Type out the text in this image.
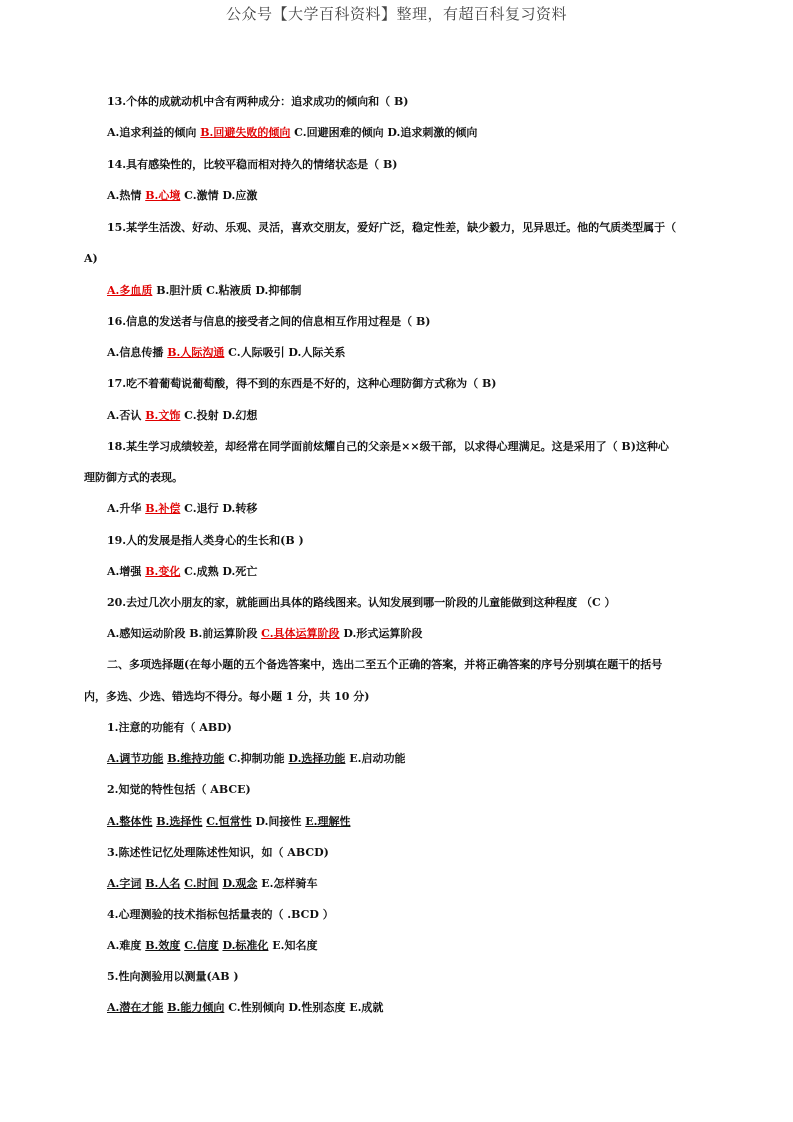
公众号【大学百科资料】整理，有超百科复习资料
13.个体的成就动机中含有两种成分：追求成功的倾向和（ B)
A.追求利益的倾向 B.回避失败的倾向 C.回避困难的倾向 D.追求刺激的倾向
14.具有感染性的，比较平稳而相对持久的情绪状态是（ B)
A.热情 B.心境 C.激情 D.应激
15.某学生活泼、好动、乐观、灵活，喜欢交朋友，爱好广泛，稳定性差，缺少毅力，见异思迁。他的气质类型属于（
A)
A.多血质 B.胆汁质 C.粘液质 D.抑郁制
16.信息的发送者与信息的接受者之间的信息相互作用过程是（ B)
A.信息传播 B.人际沟通 C.人际吸引 D.人际关系
17.吃不着葡萄说葡萄酸，得不到的东西是不好的，这种心理防御方式称为（ B)
A.否认 B.文饰 C.投射 D.幻想
18.某生学习成绩较差，却经常在同学面前炫耀自己的父亲是××级干部，以求得心理满足。这是采用了（ B)这种心
理防御方式的表现。
A.升华 B.补偿 C.退行 D.转移
19.人的发展是指人类身心的生长和(B )
A.增强 B.变化 C.成熟 D.死亡
20.去过几次小朋友的家，就能画出具体的路线图来。认知发展到哪一阶段的儿童能做到这种程度 （C ）
A.感知运动阶段 B.前运算阶段 C.具体运算阶段 D.形式运算阶段
二、多项选择题(在每小题的五个备选答案中，选出二至五个正确的答案，并将正确答案的序号分别填在题干的括号
内，多选、少选、错选均不得分。每小题 1 分，共 10 分)
1.注意的功能有（ ABD)
A.调节功能 B.维持功能 C.抑制功能 D.选择功能 E.启动功能
2.知觉的特性包括（ ABCE)
A.整体性 B.选择性 C.恒常性 D.间接性 E.理解性
3.陈述性记忆处理陈述性知识，如（ ABCD)
A.字词 B.人名 C.时间 D.观念 E.怎样骑车
4.心理测验的技术指标包括量表的（ .BCD ）
A.难度 B.效度 C.信度 D.标准化 E.知名度
5.性向测验用以测量(AB )
A.潜在才能 B.能力倾向 C.性别倾向 D.性别态度 E.成就
